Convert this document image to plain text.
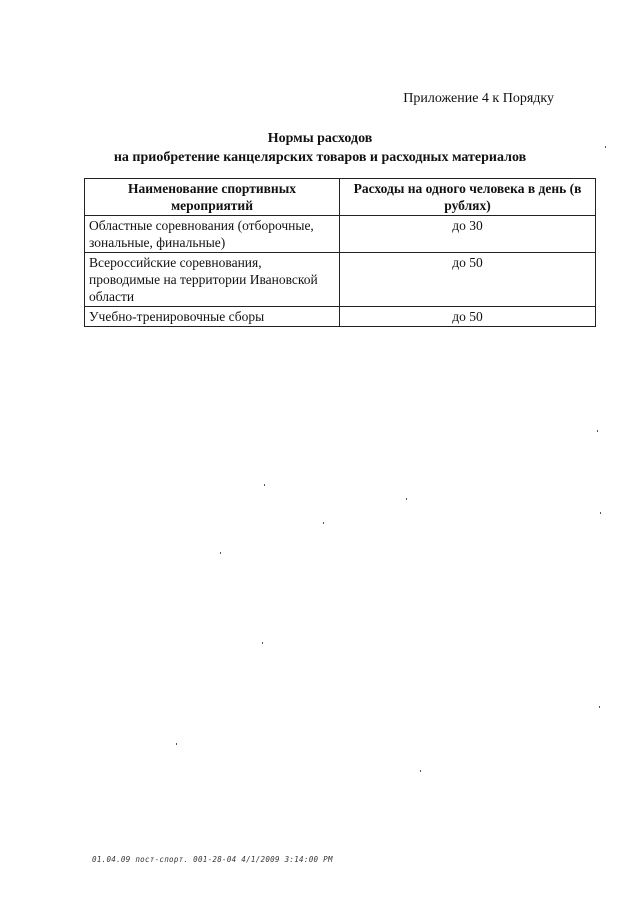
Приложение 4 к Порядку
Нормы расходов
на приобретение канцелярских товаров и расходных материалов
Наименование спортивных мероприятий	Расходы на одного человека в день (в рублях)
Областные соревнования (отборочные, зональные, финальные)	до 30
Всероссийские соревнования, проводимые на территории Ивановской области	до 50
Учебно-тренировочные сборы	до 50
01.04.09 пост-спорт. 001-28-04 4/1/2009 3:14:00 PM
